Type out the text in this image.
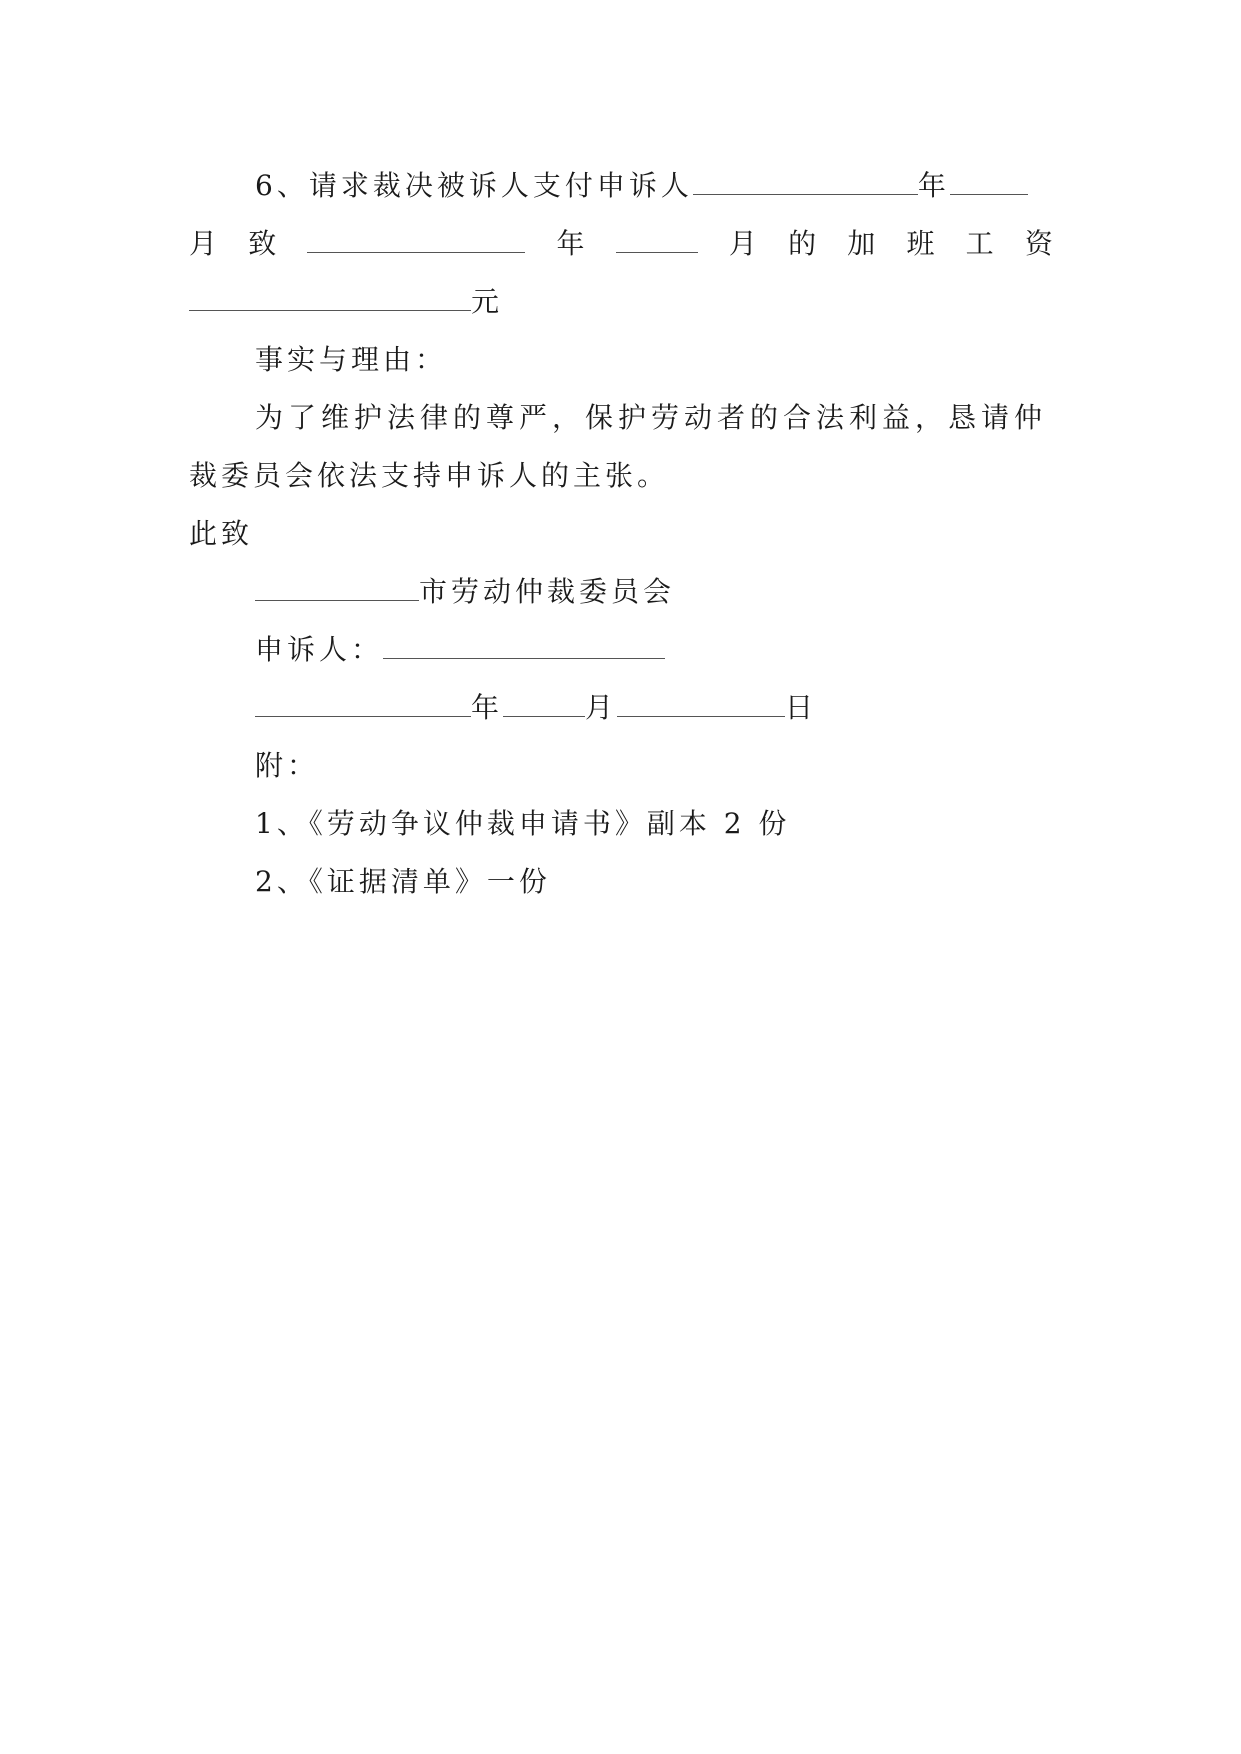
6、请求裁决被诉人支付申诉人	年
月 致	年	月 的 加 班 工 资
元
事实与理由：
为了维护法律的尊严，保护劳动者的合法利益，恳请仲
裁委员会依法支持申诉人的主张。
此致
市劳动仲裁委员会
申诉人：
年	月	日
附：
1、《劳动争议仲裁申请书》副本 2 份
2、《证据清单》一份
